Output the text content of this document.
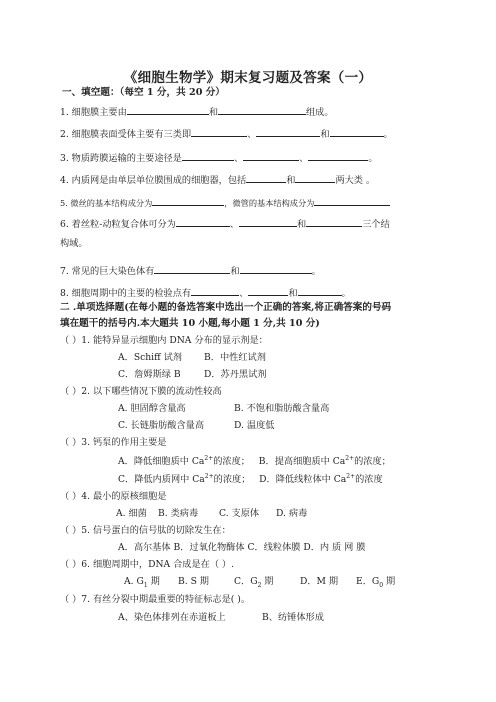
《细胞生物学》期末复习题及答案（一）
一、填空题：（每空 1 分，共 20 分）
1. 细胞膜主要由	和	组成。
2. 细胞膜表面受体主要有三类即	、	和	。
3. 物质跨膜运输的主要途径是	、	、	。
4. 内质网是由单层单位膜围成的细胞器，包括	和	两大类 。
5. 微丝的基本结构成分为	，微管的基本结构成分为
6. 着丝粒-动粒复合体可分为	、	和	三个结
构域。
7. 常见的巨大染色体有	和	。
8. 细胞周期中的主要的检验点有	、	和	。
二 .单项选择题(在每小题的备选答案中选出一个正确的答案,将正确答案的号码
填在题干的括号内.本大题共 10 小题,每小题 1 分,共 10 分)
（ ）1. 能特异显示细胞内 DNA 分布的显示剂是：
A．Schiff 试剂 B．中性红试剂
C．詹姆斯绿 B	D．苏丹黑试剂
（ ）2. 以下哪些情况下膜的流动性较高
A. 胆固醇含量高	B. 不饱和脂肪酸含量高
C. 长链脂肪酸含量高	D. 温度低
（ ）3. 钙泵的作用主要是
A．降低细胞质中 $Ca^{2+}$的浓度； B．提高细胞质中 $Ca^{2+}$的浓度；
C．降低内质网中 $Ca^{2+}$的浓度； D．降低线粒体中 $Ca^{2+}$的浓度
（ ）4. 最小的原核细胞是
A. 细菌 B. 类病毒 C. 支原体 D. 病毒
（ ）5. 信号蛋白的信号肽的切除发生在：
A．高尔基体 B．过氧化物酶体 C．线粒体膜 D．内 质 网 膜
（ ）6. 细胞周期中，DNA 合成是在（ ）.
A. $G_1$ 期 B. S 期	C．$G_2$ 期	D．M 期 E．$G_0$ 期
（ ）7. 有丝分裂中期最重要的特征标志是( )。
A、染色体排列在赤道板上	B、纺锤体形成
